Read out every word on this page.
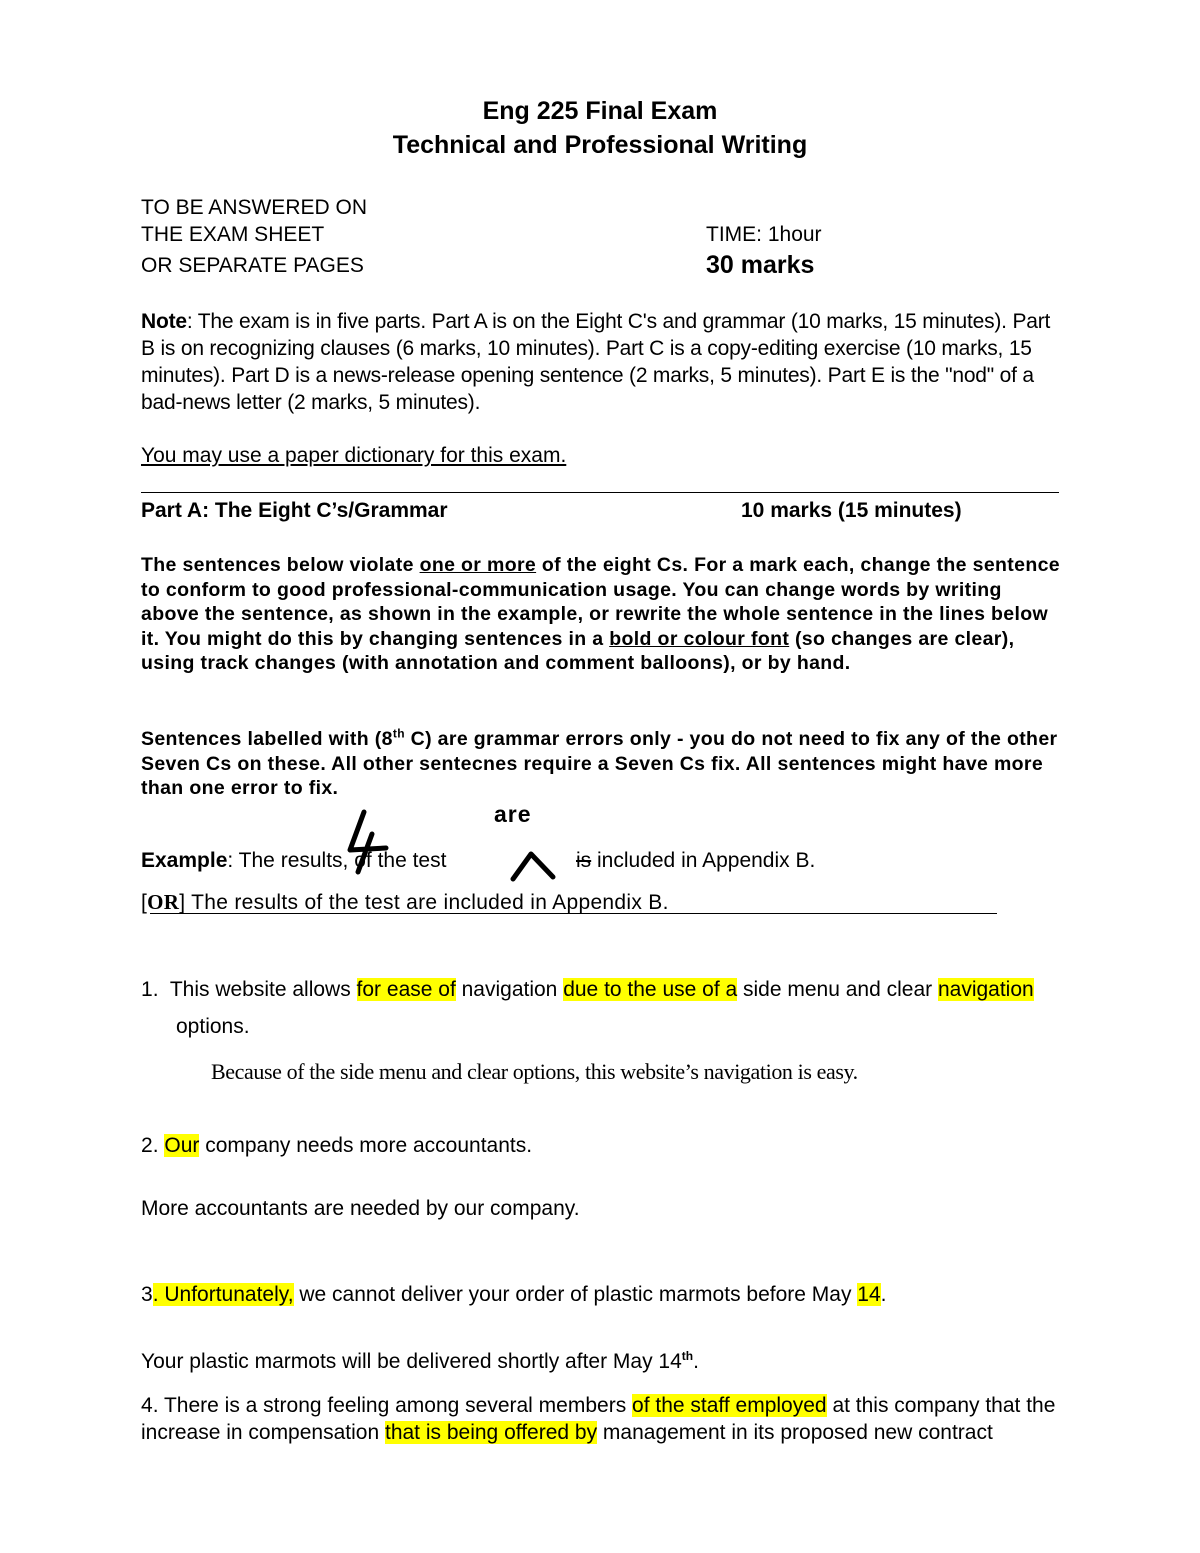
Eng 225 Final Exam
Technical and Professional Writing
TO BE ANSWERED ON
THE EXAM SHEET
OR SEPARATE PAGES
TIME: 1hour
30 marks
Note: The exam is in five parts. Part A is on the Eight C's and grammar (10 marks, 15 minutes). Part B is on recognizing clauses (6 marks, 10 minutes). Part C is a copy-editing exercise (10 marks, 15 minutes). Part D is a news-release opening sentence (2 marks, 5 minutes). Part E is the "nod" of a bad-news letter (2 marks, 5 minutes).
You may use a paper dictionary for this exam.
Part A: The Eight C’s/Grammar	10 marks (15 minutes)
The sentences below violate one or more of the eight Cs. For a mark each, change the sentence to conform to good professional-communication usage. You can change words by writing above the sentence, as shown in the example, or rewrite the whole sentence in the lines below it. You might do this by changing sentences in a bold or colour font (so changes are clear), using track changes (with annotation and comment balloons), or by hand.
Sentences labelled with (8th C) are grammar errors only - you do not need to fix any of the other Seven Cs on these. All other sentecnes require a Seven Cs fix. All sentences might have more than one error to fix.
are
Example: The results, of the test	is included in Appendix B.
[OR] The results of the test are included in Appendix B.
1.  This website allows for ease of navigation due to the use of a side menu and clear navigation
options.
Because of the side menu and clear options, this website’s navigation is easy.
2. Our company needs more accountants.
More accountants are needed by our company.
3. Unfortunately, we cannot deliver your order of plastic marmots before May 14.
Your plastic marmots will be delivered shortly after May 14th.
4. There is a strong feeling among several members of the staff employed at this company that the increase in compensation that is being offered by management in its proposed new contract
